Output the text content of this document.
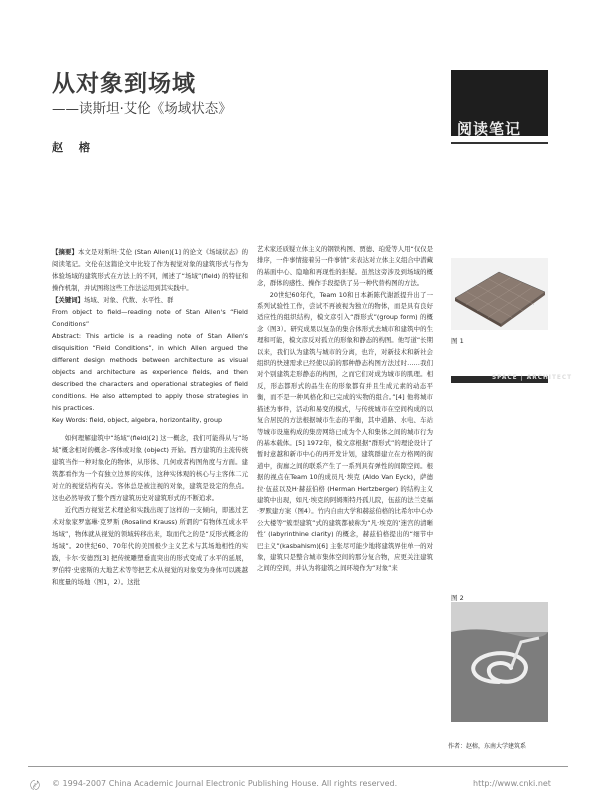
从对象到场域
——读斯坦·艾伦《场域状态》
赵 榕

【摘要】本文是对斯坦·艾伦 (Stan Allen)[1] 的论文《场域状态》的阅读笔记。文伦在这篇论文中比较了作为视觉对象的建筑形式与作为体验场域的建筑形式在方法上的不同，阐述了“场域”(field) 的特征和操作机制，并试图将这些工作法运用到其实践中。

【关键词】场域、对象、代数、水平性、群

From object to field—reading note of Stan Allen's “Field Conditions”

Abstract: This article is a reading note of Stan Allen's disquisition “Field Conditions”, in which Allen argued the different design methods between architecture as visual objects and architecture as experience fields, and then described the characters and operational strategies of field conditions. He also attempted to apply those strategies in his practices.

Key Words: field, object, algebra, horizontality, group

如何理解建筑中“场域”(field)[2] 这一概念，我们可能得从与“场域”概念相对的概念–客体或对象 (object) 开始。西方建筑的主流传统建筑当作一种对象化的物体，从形体、几何或者构图角度与方面。建筑都看作为一个有独立边界的实体，这种实体观的核心与主客体二元对立的视觉结构有关。客体总是被注视的对象，建筑是设定的焦点。这也必然导致了整个西方建筑历史对建筑形式的不断追求。

近代西方视觉艺术理论和实践出现了这样的一支倾向，即逃过艺术对象家罗塞琳·克罗斯 (Rosalind Krauss) 所谓的“有物体互成水平场域”，物体就从视觉的领域转移出来，取而代之的是“反形式概念的场域”。20世纪60、70年代的美国极少主义艺术与其场地相性的实践，卡尔·安德烈[3] 把传统雕塑垂直突出的形式变成了水平的延展，罗伯特·史密斯的大地艺术等等把艺术从视觉的对象变为身体可以跳越和度量的场地（图1，2）。这批

艺术家还质疑立体主义的钢铁构图、贾德、珀爱等人用“仅仅是排序，一件事情接着另一件事情”来表达对立体主义组合中潜藏的基面中心、隐喻和再现性的拒疑。虽然这旁涉及到场域的概念，群体的感性、操作手段提供了另一种代替构图的方法。

20世纪60年代，Team 10和日本新陈代谢派提升出了一系列试验性工作，尝试不再被视为独立的物体，而是具有良好适应性的组织结构，模文彦引入“群形式”(group form) 的概念（图3）。研究成果以复杂的集合体形式去城市和建筑中的生理和可能，模文彦反对孤立的形象和静态的构图。他写道“长期以来，我们认为建筑与城市的分离，也许，对新技术和新社会组织的快速需求已经使以前的那种静态构图方法过时……我们对个别建筑走形静态的构图，之而它们对成为城市的肌理。相反，形态都形式的品生在的形象都有并且生成元素的动态平衡，而不是一种风格化和已完成的实物的组合。”[4] 他将城市描述为事件，活动和易变的模式，与传统城市在空间构成的以复合居民的方法根据城市生态的平衡，其中道路、水电、车站等城市设施构成的集房网络已成为个人和集体之间的城市行为的基本载体。[5] 1972年，模文彦根据“群形式”的理论设计了暂时意越和新市中心的再开发计划，建筑群建立在方格网的街道中，街廊之间的联系产生了一系列具有弹性的间隙空间。根据的视点在Team 10的成员凡·埃克 (Aldo Van Eyck)，萨德拉·伍兹以及H·赫兹伯格 (Herman Hertzberger) 的结构主义建筑中出现，如凡·埃克的阿姆斯特丹孤儿院，伍兹的法兰克福·罗默建方案（图4）。竹内自由大学和赫兹伯格的比希尔中心办公大楼等“簇型建筑”式的建筑都被称为“凡·埃克的‘迷宫的清晰性’ (labyrinthine clarity) 的概念，赫兹伯格提出的“细节中巴主义”(kasbahism)[6] 主张尽可能少地将建筑界住单一的对象，建筑只是整合城市集体空间的那分复合物，应更关注建筑之间的空间，并认为将建筑之间环境作为“对象”来

阅读笔记
图 1
SPACE | ARCHITECT
图 2
作者：赵榕，东南大学建筑系
〄 © 1994-2007 China Academic Journal Electronic Publishing House. All rights reserved.	http://www.cnki.net
